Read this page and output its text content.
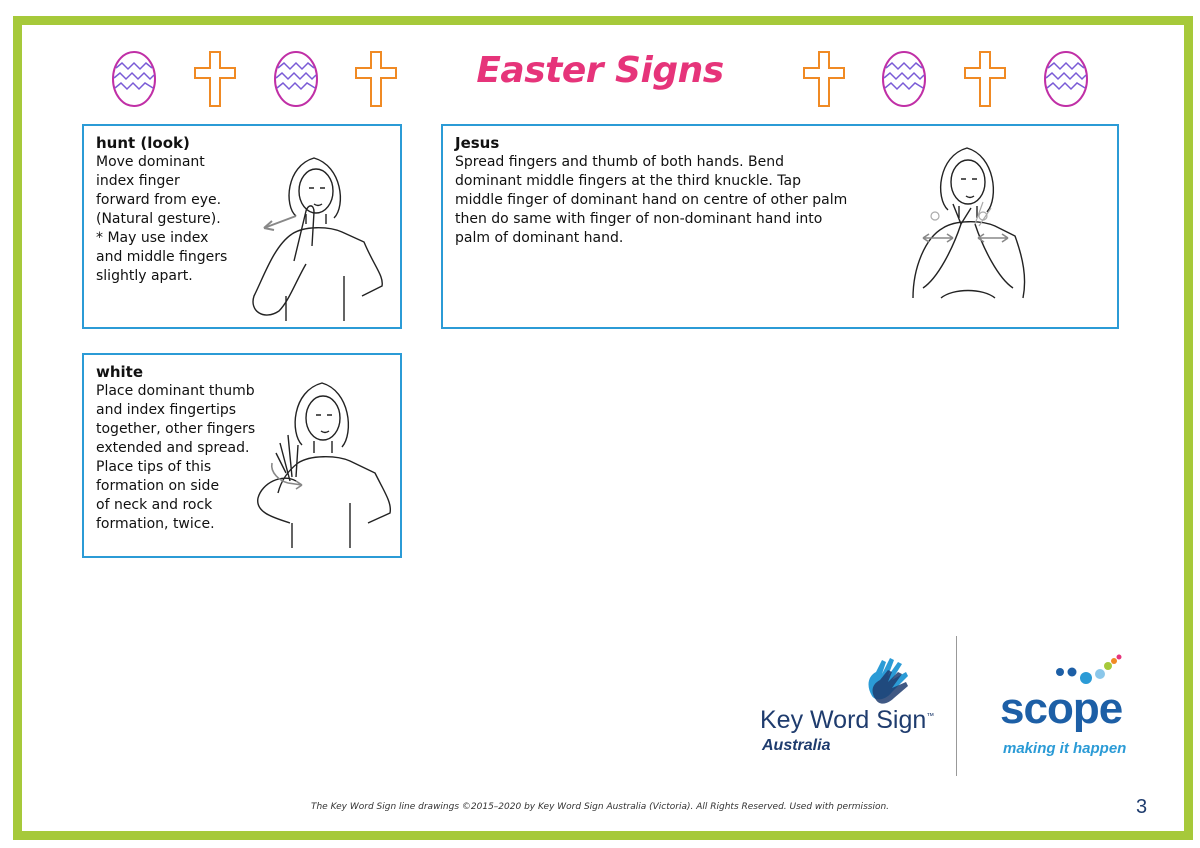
Easter Signs
hunt (look)
Move dominant
index finger
forward from eye.
(Natural gesture).
* May use index
and middle fingers
slightly apart.
Jesus
Spread fingers and thumb of both hands. Bend
dominant middle fingers at the third knuckle. Tap
middle finger of dominant hand on centre of other palm
then do same with finger of non-dominant hand into
palm of dominant hand.
white
Place dominant thumb
and index fingertips
together, other fingers
extended and spread.
Place tips of this
formation on side
of neck and rock
formation, twice.
Key Word Sign™
Australia
scope
making it happen
The Key Word Sign line drawings ©2015–2020 by Key Word Sign Australia (Victoria). All Rights Reserved. Used with permission.	3
